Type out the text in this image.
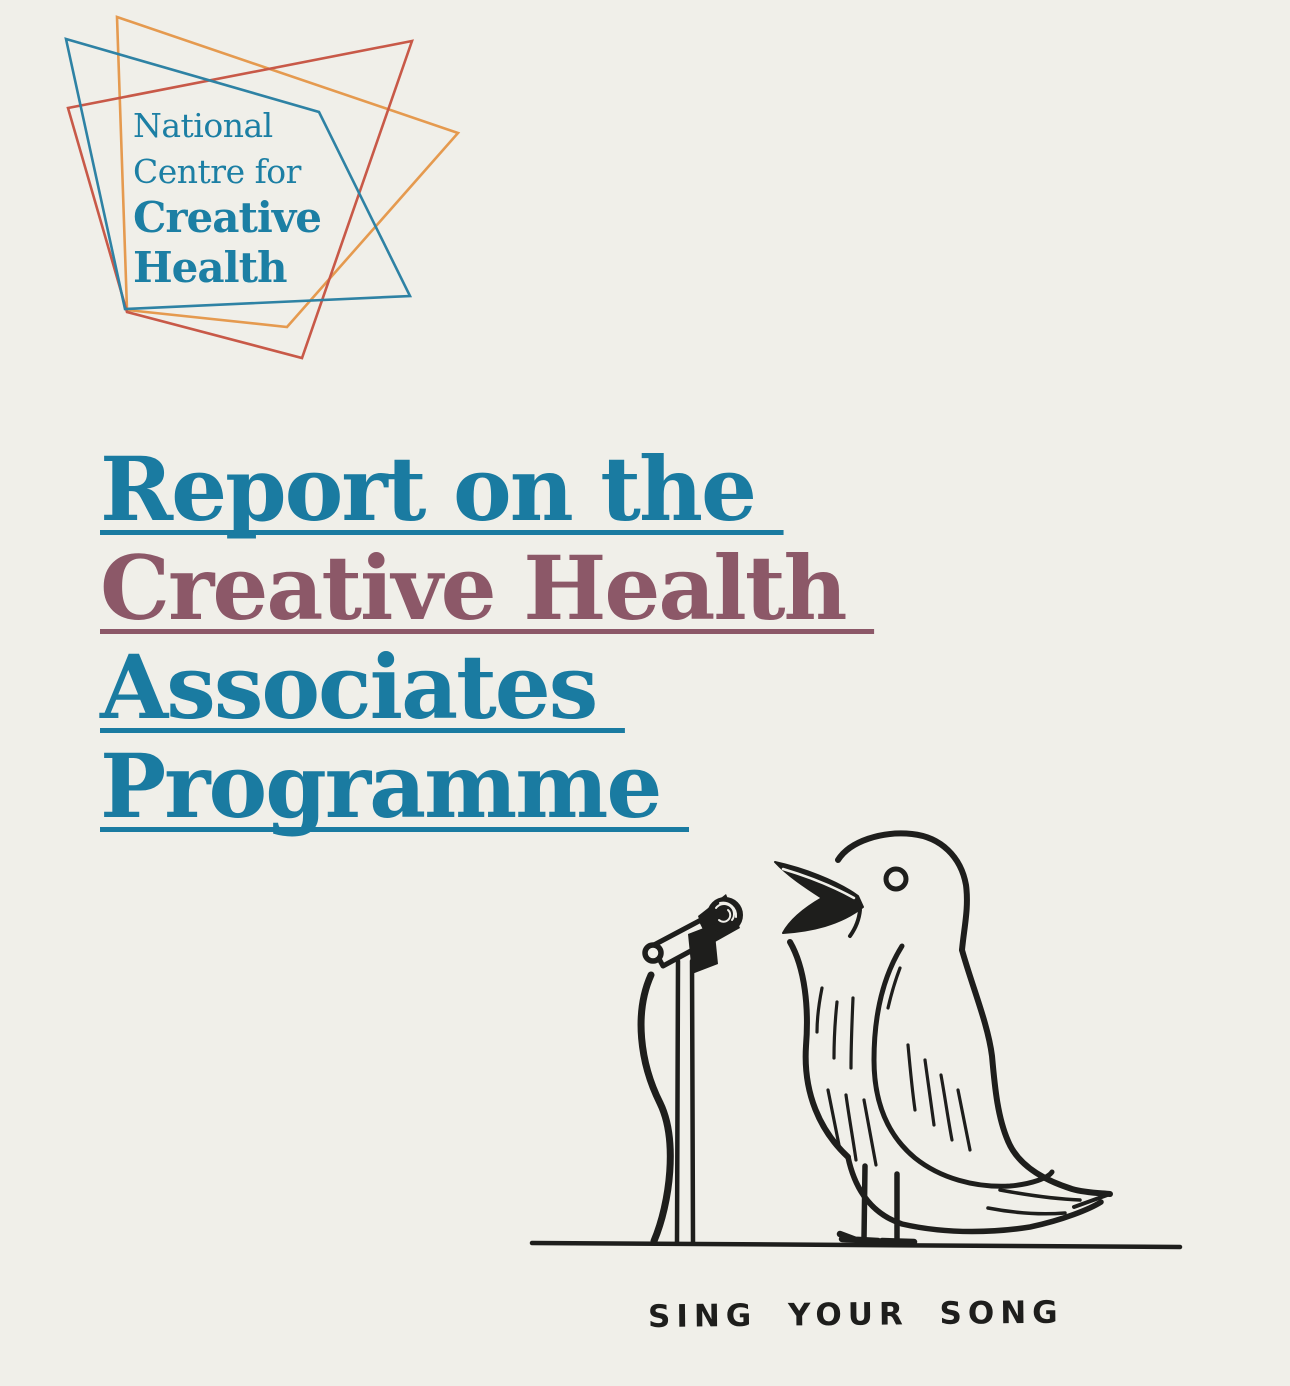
National
Centre for
Creative
Health
Report on the
Creative Health
Associates
Programme
SING YOUR SONG
